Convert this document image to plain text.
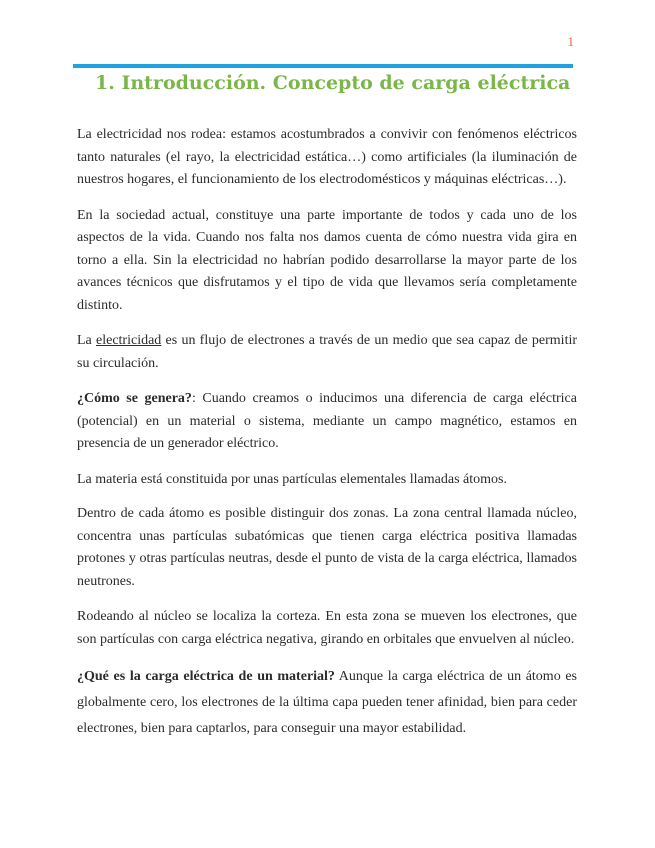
1
1. Introducción. Concepto de carga eléctrica

La electricidad nos rodea: estamos acostumbrados a convivir con fenómenos eléctricos tanto naturales (el rayo, la electricidad estática…) como artificiales (la iluminación de nuestros hogares, el funcionamiento de los electrodomésticos y máquinas eléctricas…).

En la sociedad actual, constituye una parte importante de todos y cada uno de los aspectos de la vida. Cuando nos falta nos damos cuenta de cómo nuestra vida gira en torno a ella. Sin la electricidad no habrían podido desarrollarse la mayor parte de los avances técnicos que disfrutamos y el tipo de vida que llevamos sería completamente distinto.

La electricidad es un flujo de electrones a través de un medio que sea capaz de permitir su circulación.

¿Cómo se genera?: Cuando creamos o inducimos una diferencia de carga eléctrica (potencial) en un material o sistema, mediante un campo magnético, estamos en presencia de un generador eléctrico.

La materia está constituida por unas partículas elementales llamadas átomos.

Dentro de cada átomo es posible distinguir dos zonas. La zona central llamada núcleo, concentra unas partículas subatómicas que tienen carga eléctrica positiva llamadas protones y otras partículas neutras, desde el punto de vista de la carga eléctrica, llamados neutrones.

Rodeando al núcleo se localiza la corteza. En esta zona se mueven los electrones, que son partículas con carga eléctrica negativa, girando en orbitales que envuelven al núcleo.

¿Qué es la carga eléctrica de un material? Aunque la carga eléctrica de un átomo es globalmente cero, los electrones de la última capa pueden tener afinidad, bien para ceder electrones, bien para captarlos, para conseguir una mayor estabilidad.
